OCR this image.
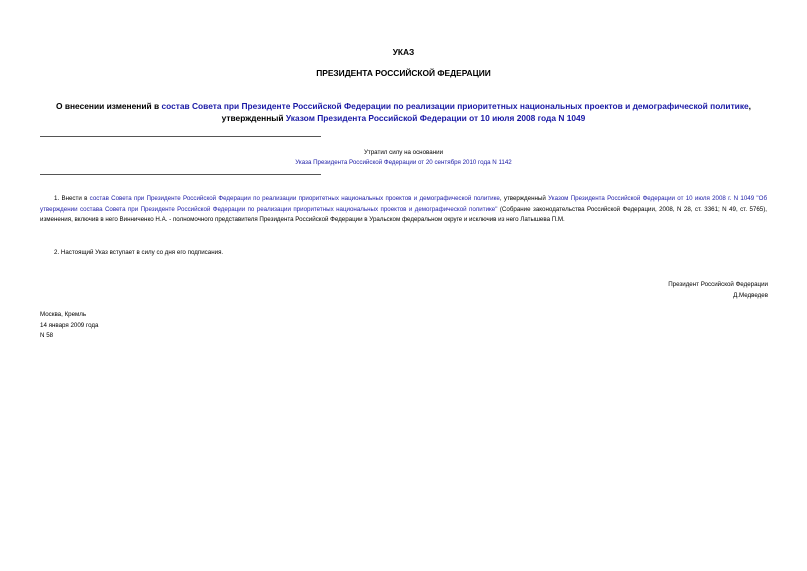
УКАЗ
ПРЕЗИДЕНТА РОССИЙСКОЙ ФЕДЕРАЦИИ
О внесении изменений в состав Совета при Президенте Российской Федерации по реализации приоритетных национальных проектов и демографической политике, утвержденный Указом Президента Российской Федерации от 10 июля 2008 года N 1049
Утратил силу на основании
Указа Президента Российской Федерации от 20 сентября 2010 года N 1142
1. Внести в состав Совета при Президенте Российской Федерации по реализации приоритетных национальных проектов и демографической политике, утвержденный Указом Президента Российской Федерации от 10 июля 2008 г. N 1049 "Об утверждении состава Совета при Президенте Российской Федерации по реализации приоритетных национальных проектов и демографической политике" (Собрание законодательства Российской Федерации, 2008, N 28, ст. 3361; N 49, ст. 5765), изменения, включив в него Винниченко Н.А. - полномочного представителя Президента Российской Федерации в Уральском федеральном округе и исключив из него Латышева П.М.
2. Настоящий Указ вступает в силу со дня его подписания.
Президент Российской Федерации
Д.Медведев
Москва, Кремль
14 января 2009 года
N 58
